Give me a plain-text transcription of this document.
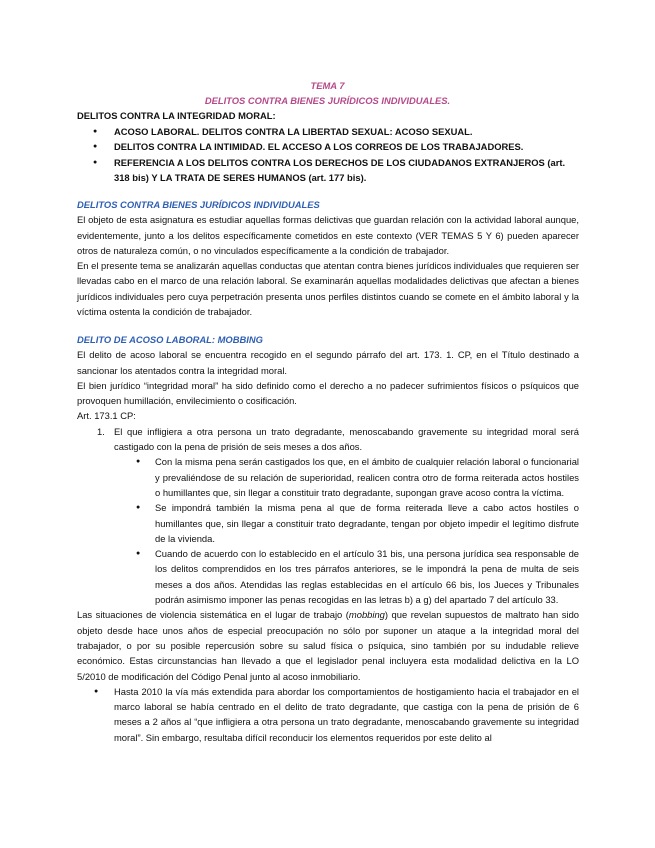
TEMA 7
DELITOS CONTRA BIENES JURÍDICOS INDIVIDUALES.
DELITOS CONTRA LA INTEGRIDAD MORAL:
● ACOSO LABORAL. DELITOS CONTRA LA LIBERTAD SEXUAL: ACOSO SEXUAL.
● DELITOS CONTRA LA INTIMIDAD. EL ACCESO A LOS CORREOS DE LOS TRABAJADORES.
● REFERENCIA A LOS DELITOS CONTRA LOS DERECHOS DE LOS CIUDADANOS EXTRANJEROS (art. 318 bis) Y LA TRATA DE SERES HUMANOS (art. 177 bis).

DELITOS CONTRA BIENES JURÍDICOS INDIVIDUALES

El objeto de esta asignatura es estudiar aquellas formas delictivas que guardan relación con la actividad laboral aunque, evidentemente, junto a los delitos específicamente cometidos en este contexto (VER TEMAS 5 Y 6) pueden aparecer otros de naturaleza común, o no vinculados específicamente a la condición de trabajador.

En el presente tema se analizarán aquellas conductas que atentan contra bienes jurídicos individuales que requieren ser llevadas cabo en el marco de una relación laboral. Se examinarán aquellas modalidades delictivas que afectan a bienes jurídicos individuales pero cuya perpetración presenta unos perfiles distintos cuando se comete en el ámbito laboral y la víctima ostenta la condición de trabajador.

DELITO DE ACOSO LABORAL: MOBBING

El delito de acoso laboral se encuentra recogido en el segundo párrafo del art. 173. 1. CP, en el Título destinado a sancionar los atentados contra la integridad moral.

El bien jurídico “integridad moral” ha sido definido como el derecho a no padecer sufrimientos físicos o psíquicos que provoquen humillación, envilecimiento o cosificación.

Art. 173.1 CP:

1. El que infligiera a otra persona un trato degradante, menoscabando gravemente su integridad moral será castigado con la pena de prisión de seis meses a dos años.
● Con la misma pena serán castigados los que, en el ámbito de cualquier relación laboral o funcionarial y prevaliéndose de su relación de superioridad, realicen contra otro de forma reiterada actos hostiles o humillantes que, sin llegar a constituir trato degradante, supongan grave acoso contra la víctima.
● Se impondrá también la misma pena al que de forma reiterada lleve a cabo actos hostiles o humillantes que, sin llegar a constituir trato degradante, tengan por objeto impedir el legítimo disfrute de la vivienda.
● Cuando de acuerdo con lo establecido en el artículo 31 bis, una persona jurídica sea responsable de los delitos comprendidos en los tres párrafos anteriores, se le impondrá la pena de multa de seis meses a dos años. Atendidas las reglas establecidas en el artículo 66 bis, los Jueces y Tribunales podrán asimismo imponer las penas recogidas en las letras b) a g) del apartado 7 del artículo 33.

Las situaciones de violencia sistemática en el lugar de trabajo (mobbing) que revelan supuestos de maltrato han sido objeto desde hace unos años de especial preocupación no sólo por suponer un ataque a la integridad moral del trabajador, o por su posible repercusión sobre su salud física o psíquica, sino también por su indudable relieve económico. Estas circunstancias han llevado a que el legislador penal incluyera esta modalidad delictiva en la LO 5/2010 de modificación del Código Penal junto al acoso inmobiliario.

● Hasta 2010 la vía más extendida para abordar los comportamientos de hostigamiento hacia el trabajador en el marco laboral se había centrado en el delito de trato degradante, que castiga con la pena de prisión de 6 meses a 2 años al “que infligiera a otra persona un trato degradante, menoscabando gravemente su integridad moral”. Sin embargo, resultaba difícil reconducir los elementos requeridos por este delito al
